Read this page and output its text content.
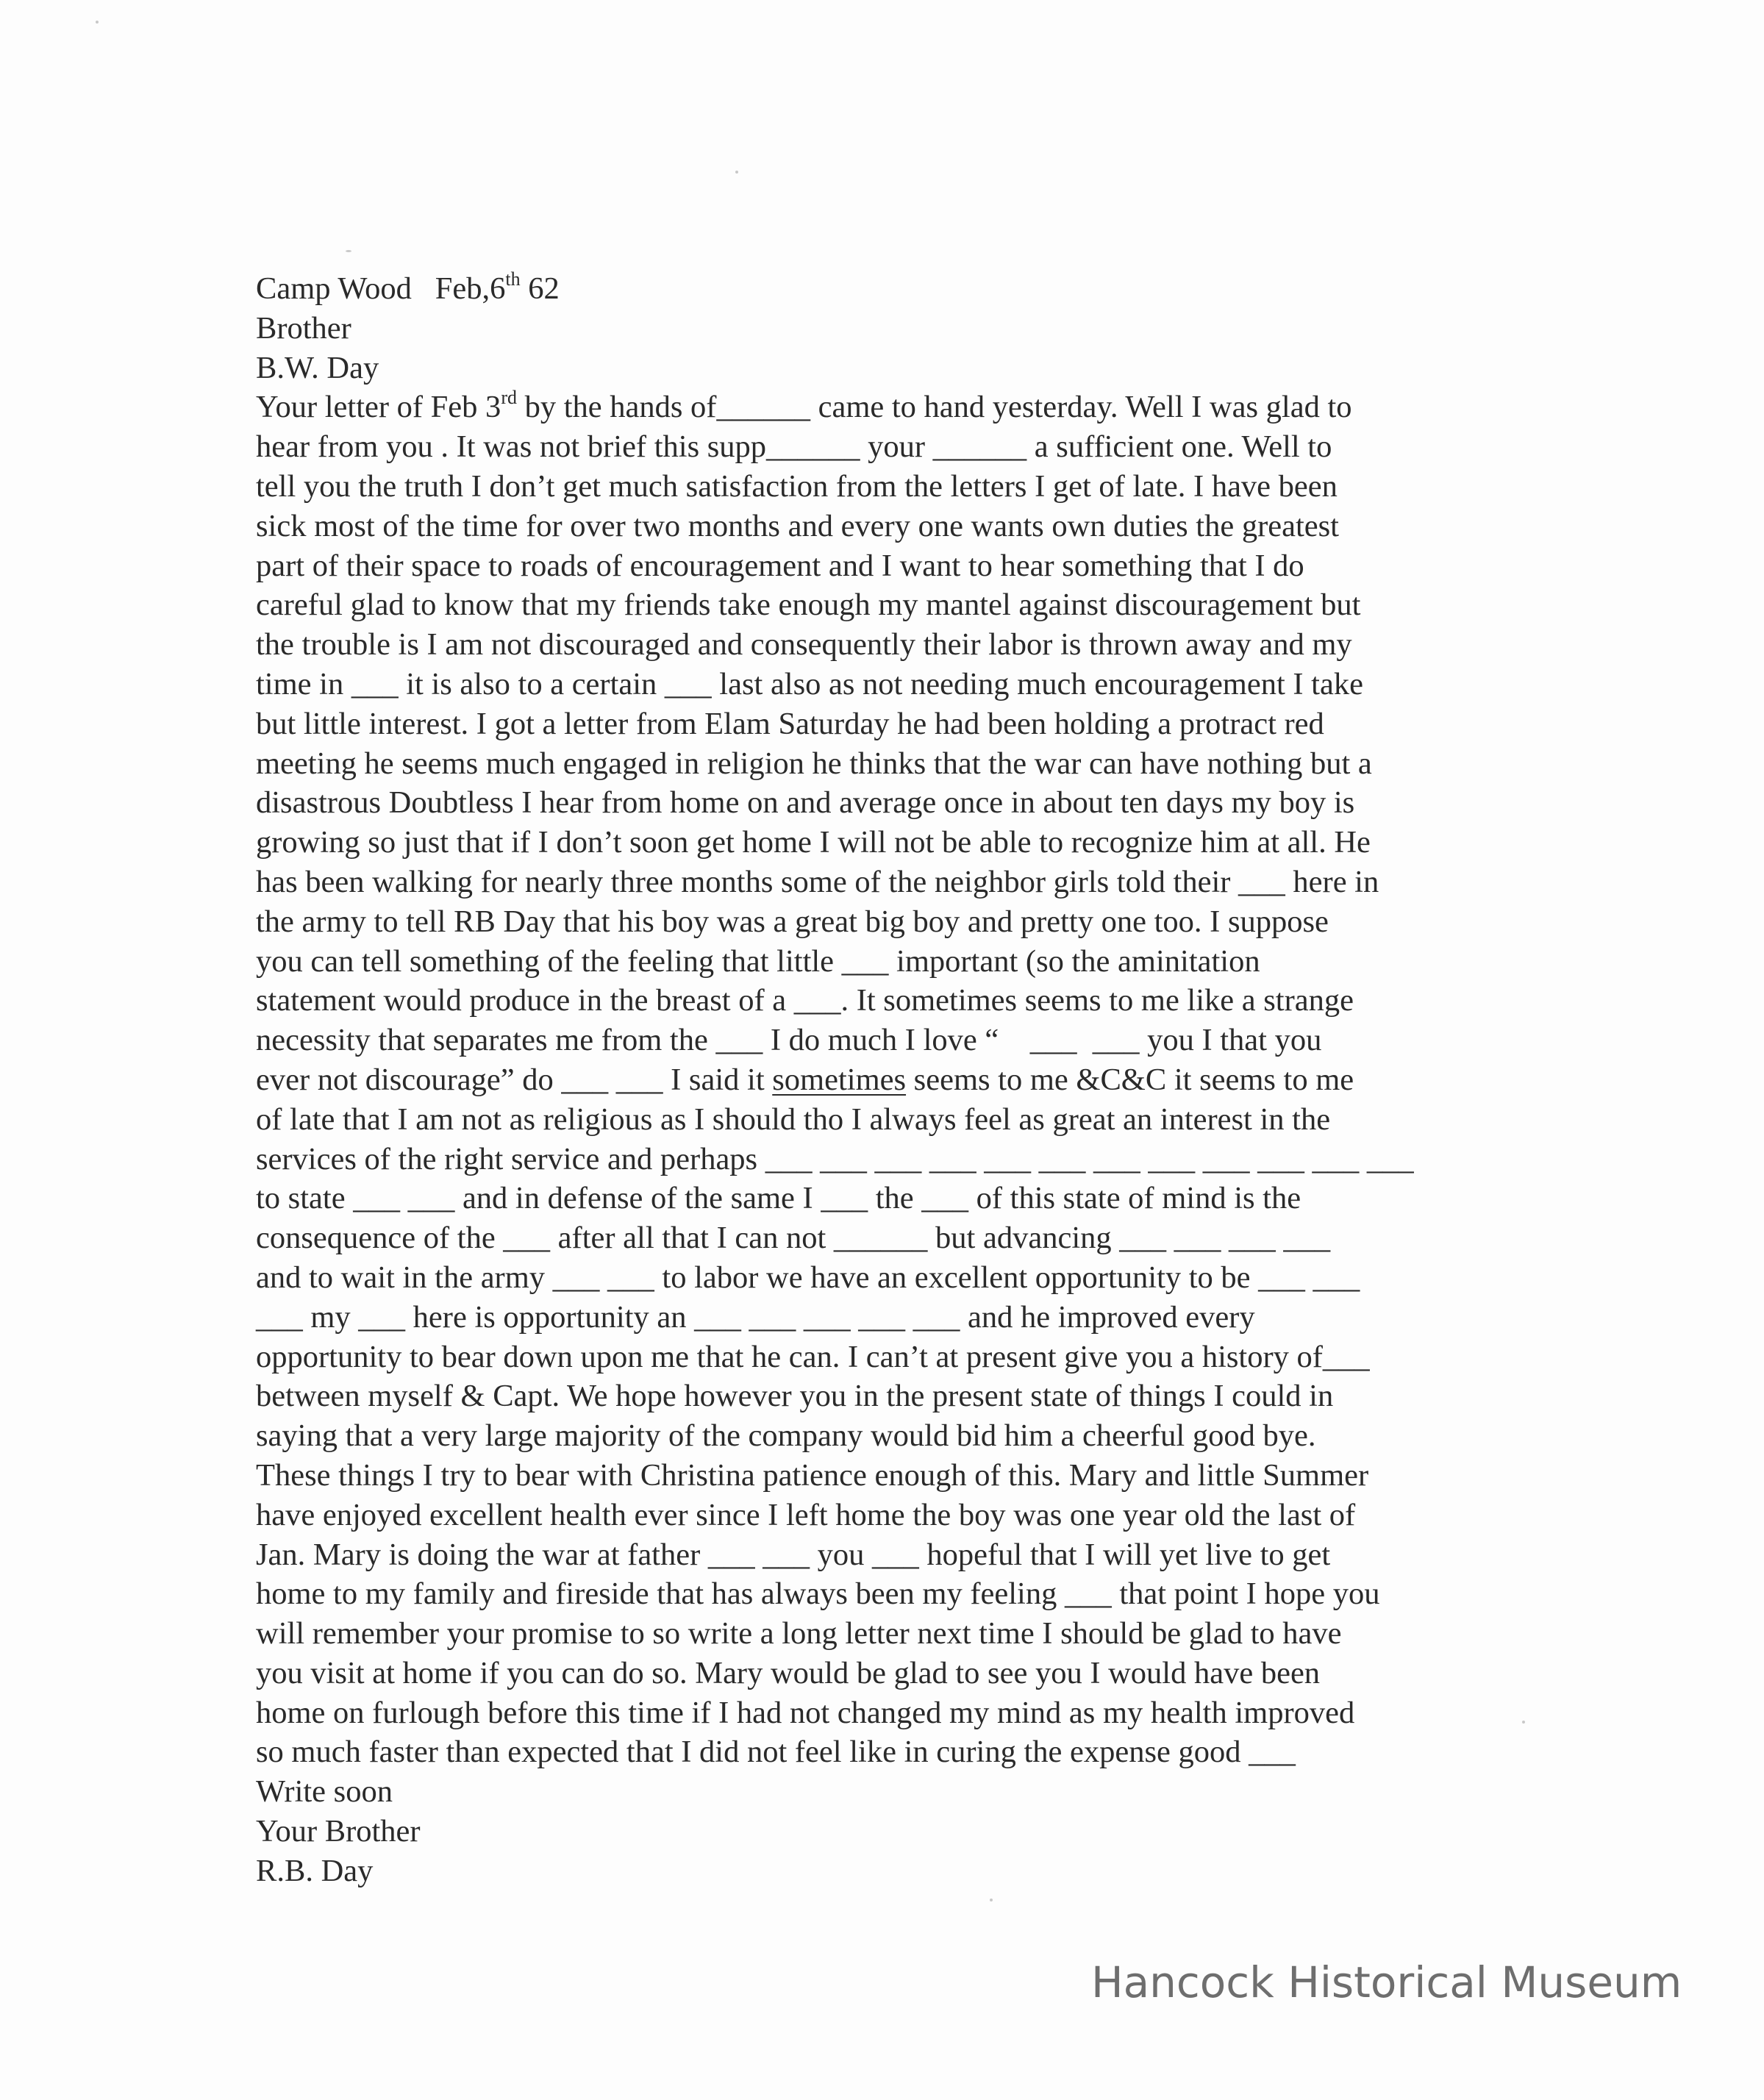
Camp Wood Feb,6th 62
Brother
B.W. Day
Your letter of Feb 3rd by the hands of______ came to hand yesterday. Well I was glad to
hear from you . It was not brief this supp______ your ______ a sufficient one. Well to
tell you the truth I don’t get much satisfaction from the letters I get of late. I have been
sick most of the time for over two months and every one wants own duties the greatest
part of their space to roads of encouragement and I want to hear something that I do
careful glad to know that my friends take enough my mantel against discouragement but
the trouble is I am not discouraged and consequently their labor is thrown away and my
time in ___ it is also to a certain ___ last also as not needing much encouragement I take
but little interest. I got a letter from Elam Saturday he had been holding a protract red
meeting he seems much engaged in religion he thinks that the war can have nothing but a
disastrous Doubtless I hear from home on and average once in about ten days my boy is
growing so just that if I don’t soon get home I will not be able to recognize him at all. He
has been walking for nearly three months some of the neighbor girls told their ___ here in
the army to tell RB Day that his boy was a great big boy and pretty one too. I suppose
you can tell something of the feeling that little ___ important (so the aminitation
statement would produce in the breast of a ___. It sometimes seems to me like a strange
necessity that separates me from the ___ I do much I love “    ___  ___ you I that you
ever not discourage” do ___ ___ I said it sometimes seems to me &C&C it seems to me
of late that I am not as religious as I should tho I always feel as great an interest in the
services of the right service and perhaps ___ ___ ___ ___ ___ ___ ___ ___ ___ ___ ___ ___
to state ___ ___ and in defense of the same I ___ the ___ of this state of mind is the
consequence of the ___ after all that I can not ______ but advancing ___ ___ ___ ___
and to wait in the army ___ ___ to labor we have an excellent opportunity to be ___ ___
___ my ___ here is opportunity an ___ ___ ___ ___ ___ and he improved every
opportunity to bear down upon me that he can. I can’t at present give you a history of___
between myself & Capt. We hope however you in the present state of things I could in
saying that a very large majority of the company would bid him a cheerful good bye.
These things I try to bear with Christina patience enough of this. Mary and little Summer
have enjoyed excellent health ever since I left home the boy was one year old the last of
Jan. Mary is doing the war at father ___ ___ you ___ hopeful that I will yet live to get
home to my family and fireside that has always been my feeling ___ that point I hope you
will remember your promise to so write a long letter next time I should be glad to have
you visit at home if you can do so. Mary would be glad to see you I would have been
home on furlough before this time if I had not changed my mind as my health improved
so much faster than expected that I did not feel like in curing the expense good ___
Write soon
Your Brother
R.B. Day
Hancock Historical Museum
